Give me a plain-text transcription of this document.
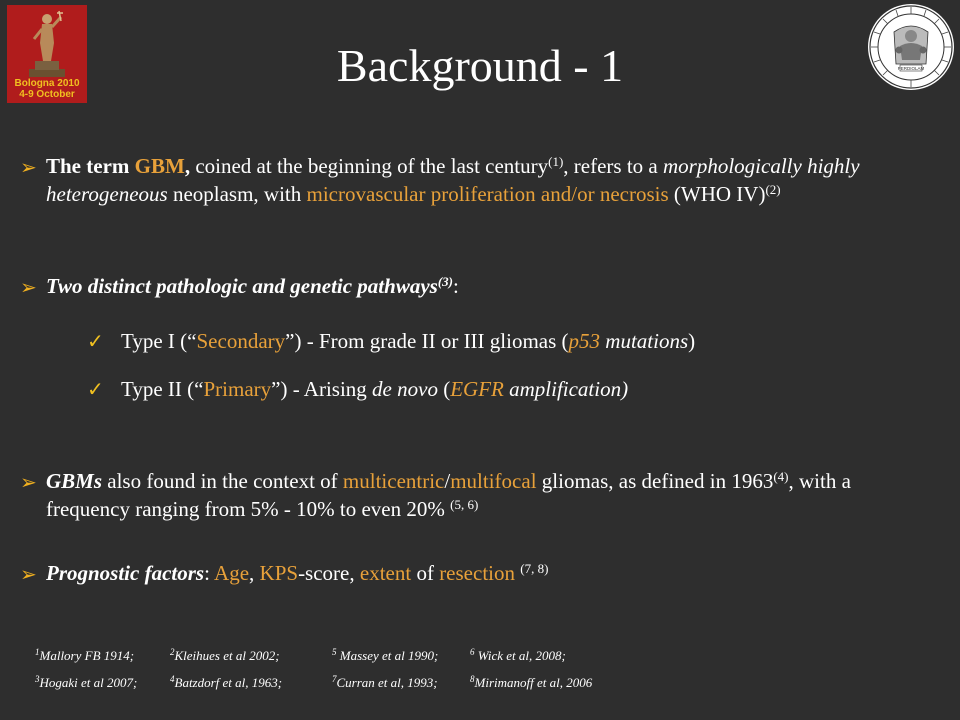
Bologna 2010
4-9 October
PERDIOLAM
Background - 1
➢ The term GBM, coined at the beginning of the last century$^{(1)}$, refers to a morphologically highly heterogeneous neoplasm, with microvascular proliferation and/or necrosis (WHO IV)$^{(2)}$
➢ Two distinct pathologic and genetic pathways$^{(3)}$:
✓ Type I (“Secondary”) - From grade II or III gliomas (p53 mutations)
✓ Type II (“Primary”) - Arising de novo (EGFR amplification)
➢ GBMs also found in the context of multicentric/multifocal gliomas, as defined in 1963$^{(4)}$, with a frequency ranging from 5% - 10% to even 20% $^{(5, 6)}$
➢ Prognostic factors: Age, KPS-score, extent of resection $^{(7, 8)}$
$^1$Mallory FB 1914;	$^2$Kleihues et al 2002;	$^5$ Massey et al 1990;	$^6$ Wick et al, 2008;
$^3$Hogaki et al 2007;	$^4$Batzdorf et al, 1963;	$^7$Curran et al, 1993;	$^8$Mirimanoff et al, 2006
